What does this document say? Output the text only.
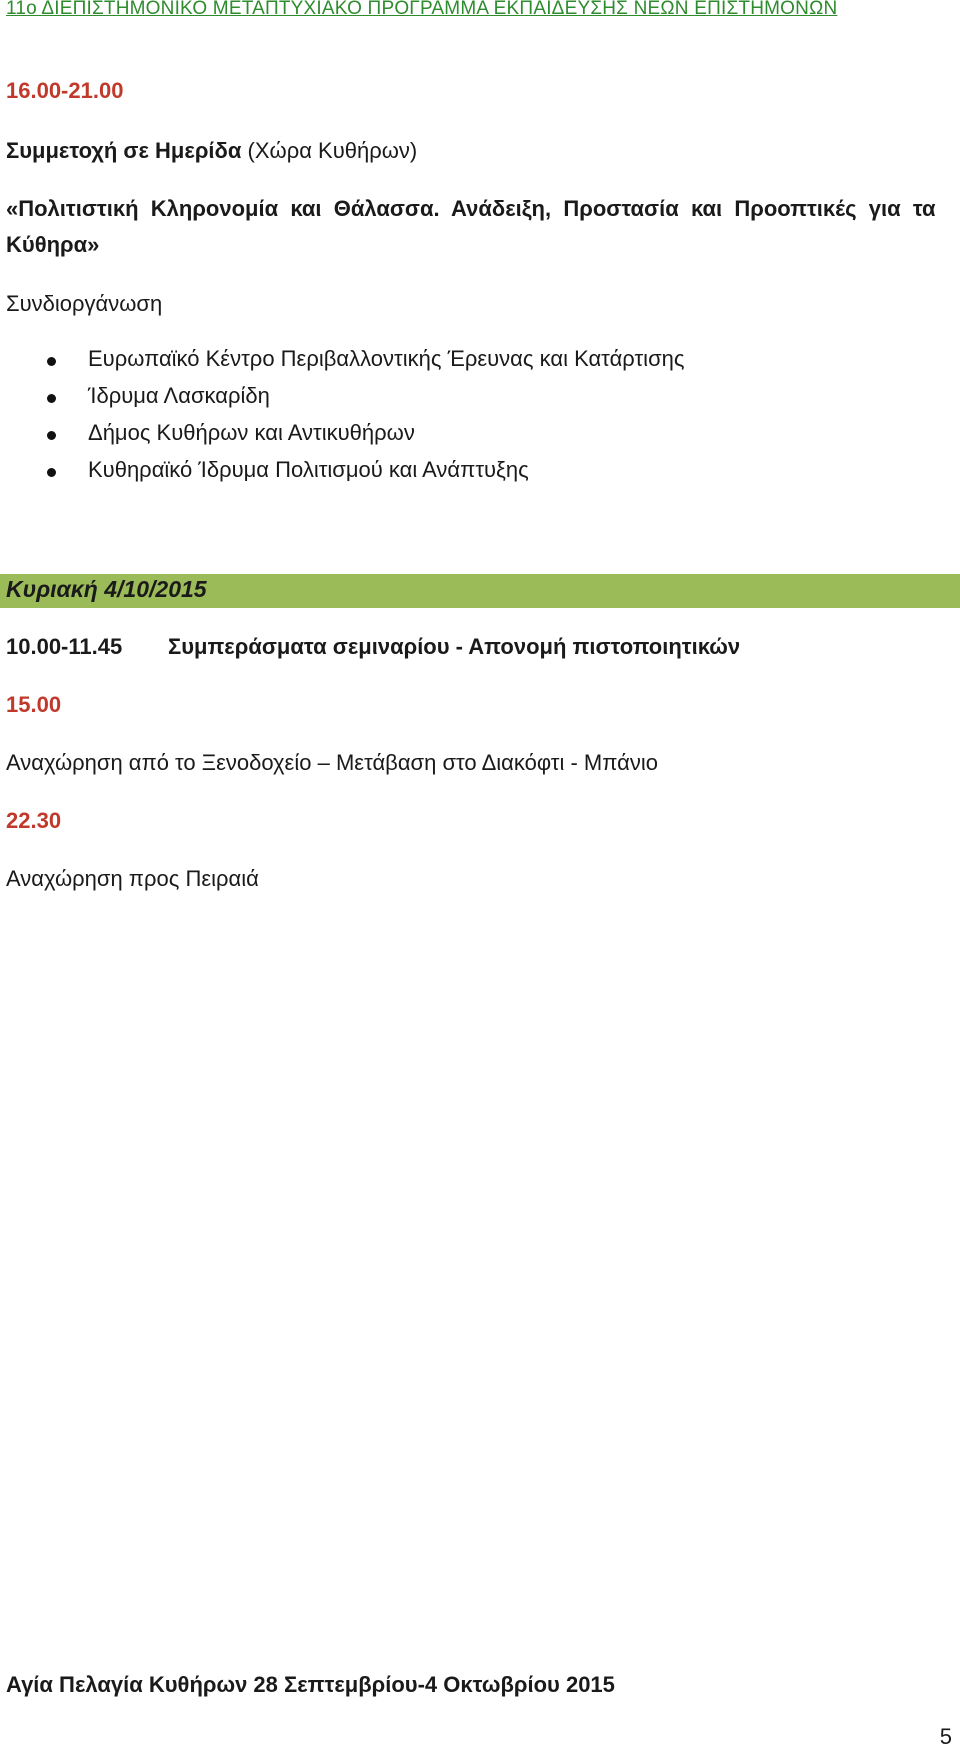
11ο ΔΙΕΠΙΣΤΗΜΟΝΙΚΟ ΜΕΤΑΠΤΥΧΙΑΚΟ ΠΡΟΓΡΑΜΜΑ ΕΚΠΑΙΔΕΥΣΗΣ ΝΕΩΝ ΕΠΙΣΤΗΜΟΝΩΝ
16.00-21.00
Συμμετοχή σε Ημερίδα (Χώρα Κυθήρων)
«Πολιτιστική  Κληρονομία  και  Θάλασσα.  Ανάδειξη,  Προστασία  και  Προοπτικές  για  τα
Κύθηρα»
Συνδιοργάνωση
Ευρωπαϊκό Κέντρο Περιβαλλοντικής Έρευνας και Κατάρτισης
Ίδρυμα Λασκαρίδη
Δήμος Κυθήρων και Αντικυθήρων
Κυθηραϊκό Ίδρυμα Πολιτισμού και Ανάπτυξης
Κυριακή 4/10/2015
10.00-11.45 Συμπεράσματα σεμιναρίου - Απονομή πιστοποιητικών
15.00
Αναχώρηση από το Ξενοδοχείο – Μετάβαση στο Διακόφτι - Μπάνιο
22.30
Αναχώρηση προς Πειραιά
Αγία Πελαγία Κυθήρων 28 Σεπτεμβρίου-4 Οκτωβρίου 2015
5
